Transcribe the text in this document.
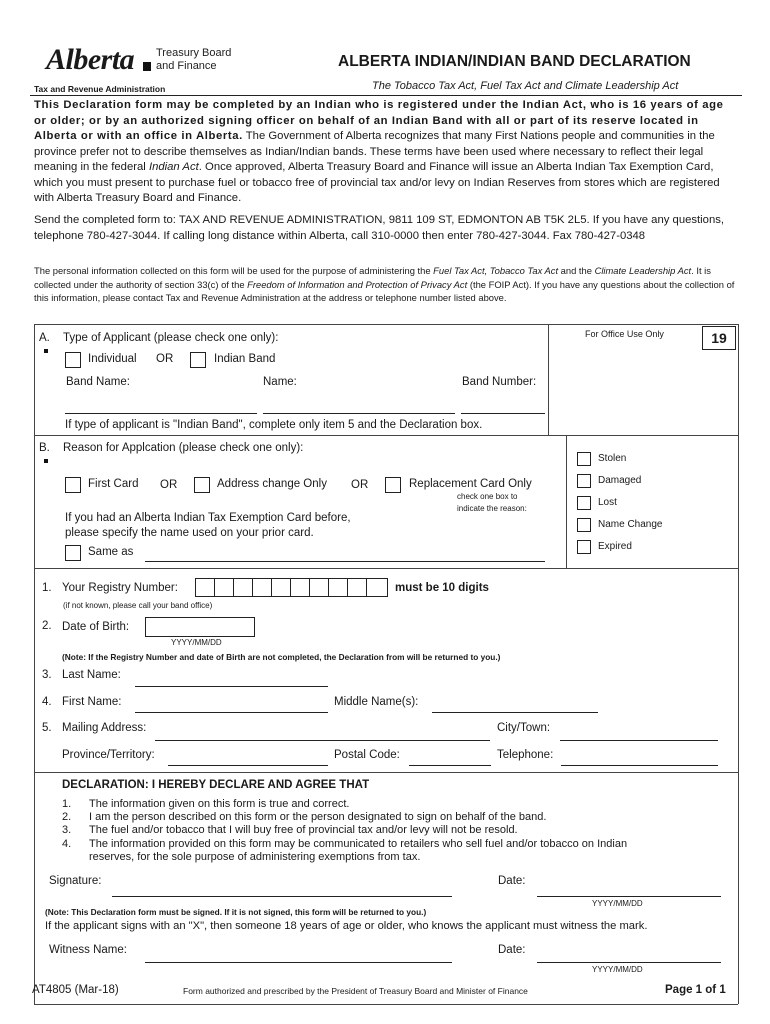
Alberta Treasury Board
and Finance
Tax and Revenue Administration
ALBERTA INDIAN/INDIAN BAND DECLARATION
The Tobacco Tax Act, Fuel Tax Act and Climate Leadership Act
This Declaration form may be completed by an Indian who is registered under the Indian Act, who is 16 years of age or older; or by an authorized signing officer on behalf of an Indian Band with all or part of its reserve located in Alberta or with an office in Alberta. The Government of Alberta recognizes that many First Nations people and communities in the province prefer not to describe themselves as Indian/Indian bands. These terms have been used where necessary to reflect their legal meaning in the federal Indian Act. Once approved, Alberta Treasury Board and Finance will issue an Alberta Indian Tax Exemption Card, which you must present to purchase fuel or tobacco free of provincial tax and/or levy on Indian Reserves from stores which are registered with Alberta Treasury Board and Finance.
Send the completed form to: TAX AND REVENUE ADMINISTRATION, 9811 109 ST, EDMONTON AB T5K 2L5. If you have any questions, telephone 780-427-3044. If calling long distance within Alberta, call 310-0000 then enter 780-427-3044. Fax 780-427-0348
The personal information collected on this form will be used for the purpose of administering the Fuel Tax Act, Tobacco Tax Act and the Climate Leadership Act. It is collected under the authority of section 33(c) of the Freedom of Information and Protection of Privacy Act (the FOIP Act). If you have any questions about the collection of this information, please contact Tax and Revenue Administration at the address or telephone number listed above.
A. Type of Applicant (please check one only):
Individual OR	Indian Band
Band Name:	Name:	Band Number:
If type of applicant is "Indian Band", complete only item 5 and the Declaration box.
For Office Use Only	19
B. Reason for Applcation (please check one only):
First Card OR	Address change Only OR	Replacement Card Only
check one box to
indicate the reason:
If you had an Alberta Indian Tax Exemption Card before,
please specify the name used on your prior card.
Same as
Stolen
Damaged
Lost
Name Change
Expired
1. Your Registry Number:	must be 10 digits
(if not known, please call your band office)
2. Date of Birth:
YYYY/MM/DD
(Note: If the Registry Number and date of Birth are not completed, the Declaration from will be returned to you.)
3. Last Name:
4. First Name:	Middle Name(s):
5. Mailing Address:	City/Town:
Province/Territory:	Postal Code:	Telephone:
DECLARATION: I HEREBY DECLARE AND AGREE THAT
1. The information given on this form is true and correct.
2. I am the person described on this form or the person designated to sign on behalf of the band.
3. The fuel and/or tobacco that I will buy free of provincial tax and/or levy will not be resold.
4. The information provided on this form may be communicated to retailers who sell fuel and/or tobacco on Indian
reserves, for the sole purpose of administering exemptions from tax.
Signature:	Date:
YYYY/MM/DD
(Note: This Declaration form must be signed. If it is not signed, this form will be returned to you.)
If the applicant signs with an "X", then someone 18 years of age or older, who knows the applicant must witness the mark.
Witness Name:	Date:
YYYY/MM/DD
AT4805 (Mar-18)	Form authorized and prescribed by the President of Treasury Board and Minister of Finance	Page 1 of 1
